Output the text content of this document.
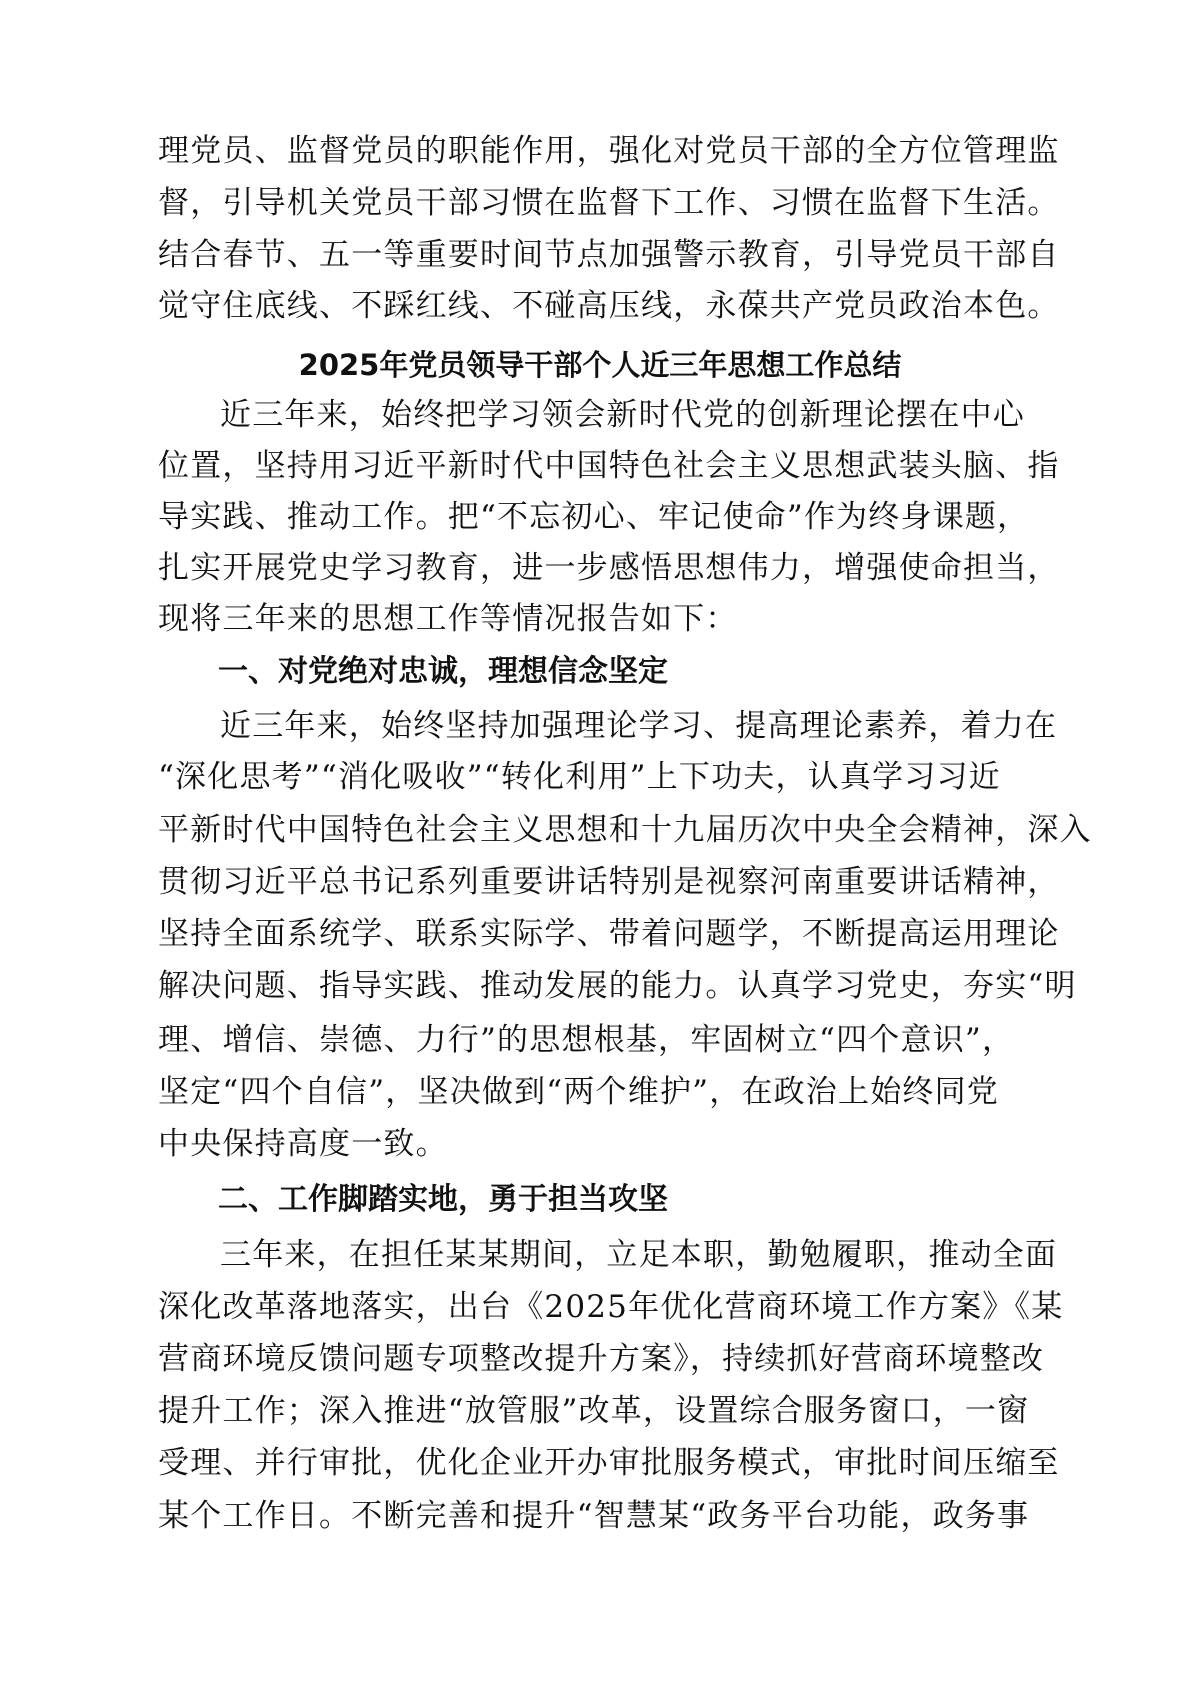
理党员、监督党员的职能作用，强化对党员干部的全方位管理监
督，引导机关党员干部习惯在监督下工作、习惯在监督下生活。
结合春节、五一等重要时间节点加强警示教育，引导党员干部自
觉守住底线、不踩红线、不碰高压线，永葆共产党员政治本色。
2025年党员领导干部个人近三年思想工作总结
近三年来，始终把学习领会新时代党的创新理论摆在中心
位置，坚持用习近平新时代中国特色社会主义思想武装头脑、指
导实践、推动工作。把“不忘初心、牢记使命”作为终身课题，
扎实开展党史学习教育，进一步感悟思想伟力，增强使命担当，
现将三年来的思想工作等情况报告如下：
一、对党绝对忠诚，理想信念坚定
近三年来，始终坚持加强理论学习、提高理论素养，着力在
“深化思考”“消化吸收”“转化利用”上下功夫，认真学习习近
平新时代中国特色社会主义思想和十九届历次中央全会精神，深入
贯彻习近平总书记系列重要讲话特别是视察河南重要讲话精神，
坚持全面系统学、联系实际学、带着问题学，不断提高运用理论
解决问题、指导实践、推动发展的能力。认真学习党史，夯实“明
理、增信、崇德、力行”的思想根基，牢固树立“四个意识”，
坚定“四个自信”，坚决做到“两个维护”，在政治上始终同党
中央保持高度一致。
二、工作脚踏实地，勇于担当攻坚
三年来，在担任某某期间，立足本职，勤勉履职，推动全面
深化改革落地落实，出台《2025年优化营商环境工作方案》《某
营商环境反馈问题专项整改提升方案》，持续抓好营商环境整改
提升工作；深入推进“放管服”改革，设置综合服务窗口，一窗
受理、并行审批，优化企业开办审批服务模式，审批时间压缩至
某个工作日。不断完善和提升“智慧某“政务平台功能，政务事
